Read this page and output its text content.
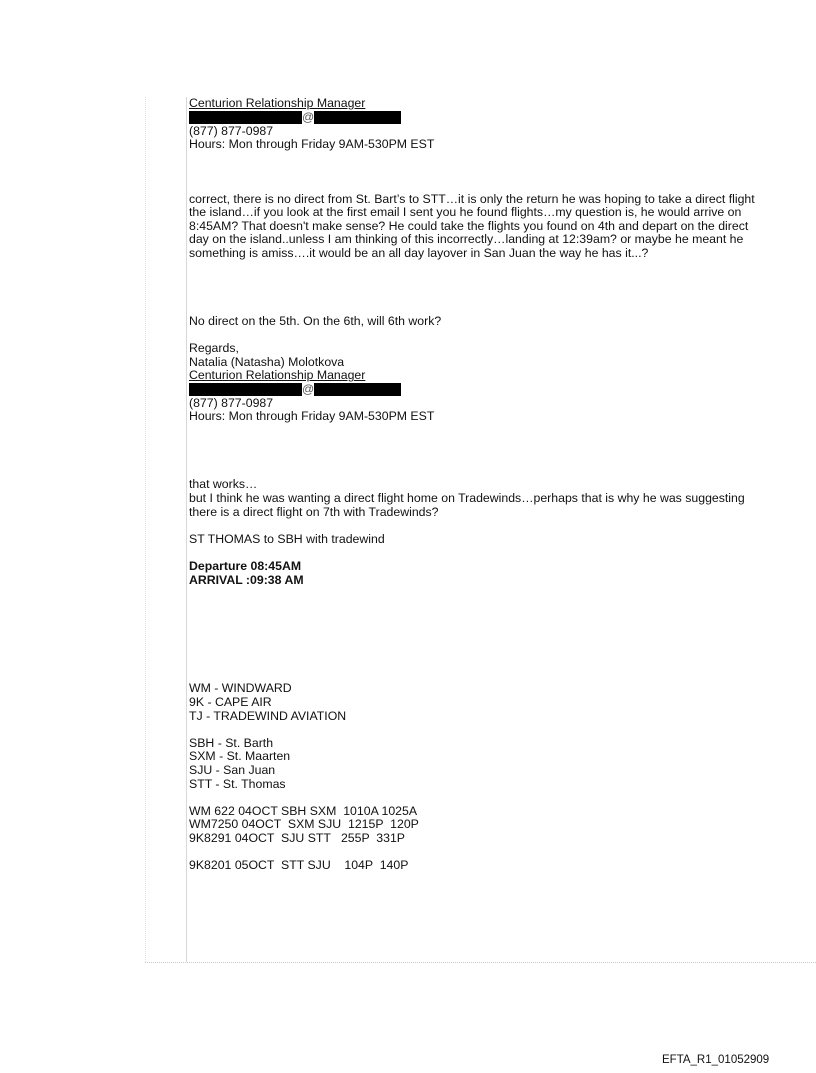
Centurion Relationship Manager
@
(877) 877-0987
Hours: Mon through Friday 9AM-530PM EST
correct, there is no direct from St. Bart’s to STT…it is only the return he was hoping to take a direct flight
the island…if you look at the first email I sent you he found flights…my question is, he would arrive on
8:45AM? That doesn't make sense? He could take the flights you found on 4th and depart on the direct
day on the island..unless I am thinking of this incorrectly…landing at 12:39am? or maybe he meant he
something is amiss….it would be an all day layover in San Juan the way he has it...?
No direct on the 5th. On the 6th, will 6th work?
Regards,
Natalia (Natasha) Molotkova
Centurion Relationship Manager
@
(877) 877-0987
Hours: Mon through Friday 9AM-530PM EST
that works…
but I think he was wanting a direct flight home on Tradewinds…perhaps that is why he was suggesting
there is a direct flight on 7th with Tradewinds?
ST THOMAS to SBH with tradewind
Departure 08:45AM
ARRIVAL :09:38 AM
WM - WINDWARD
9K - CAPE AIR
TJ - TRADEWIND AVIATION
SBH - St. Barth
SXM - St. Maarten
SJU - San Juan
STT - St. Thomas
WM 622 04OCT SBH SXM  1010A 1025A
WM7250 04OCT  SXM SJU  1215P  120P
9K8291 04OCT  SJU STT   255P  331P
9K8201 05OCT  STT SJU    104P  140P
EFTA_R1_01052909
